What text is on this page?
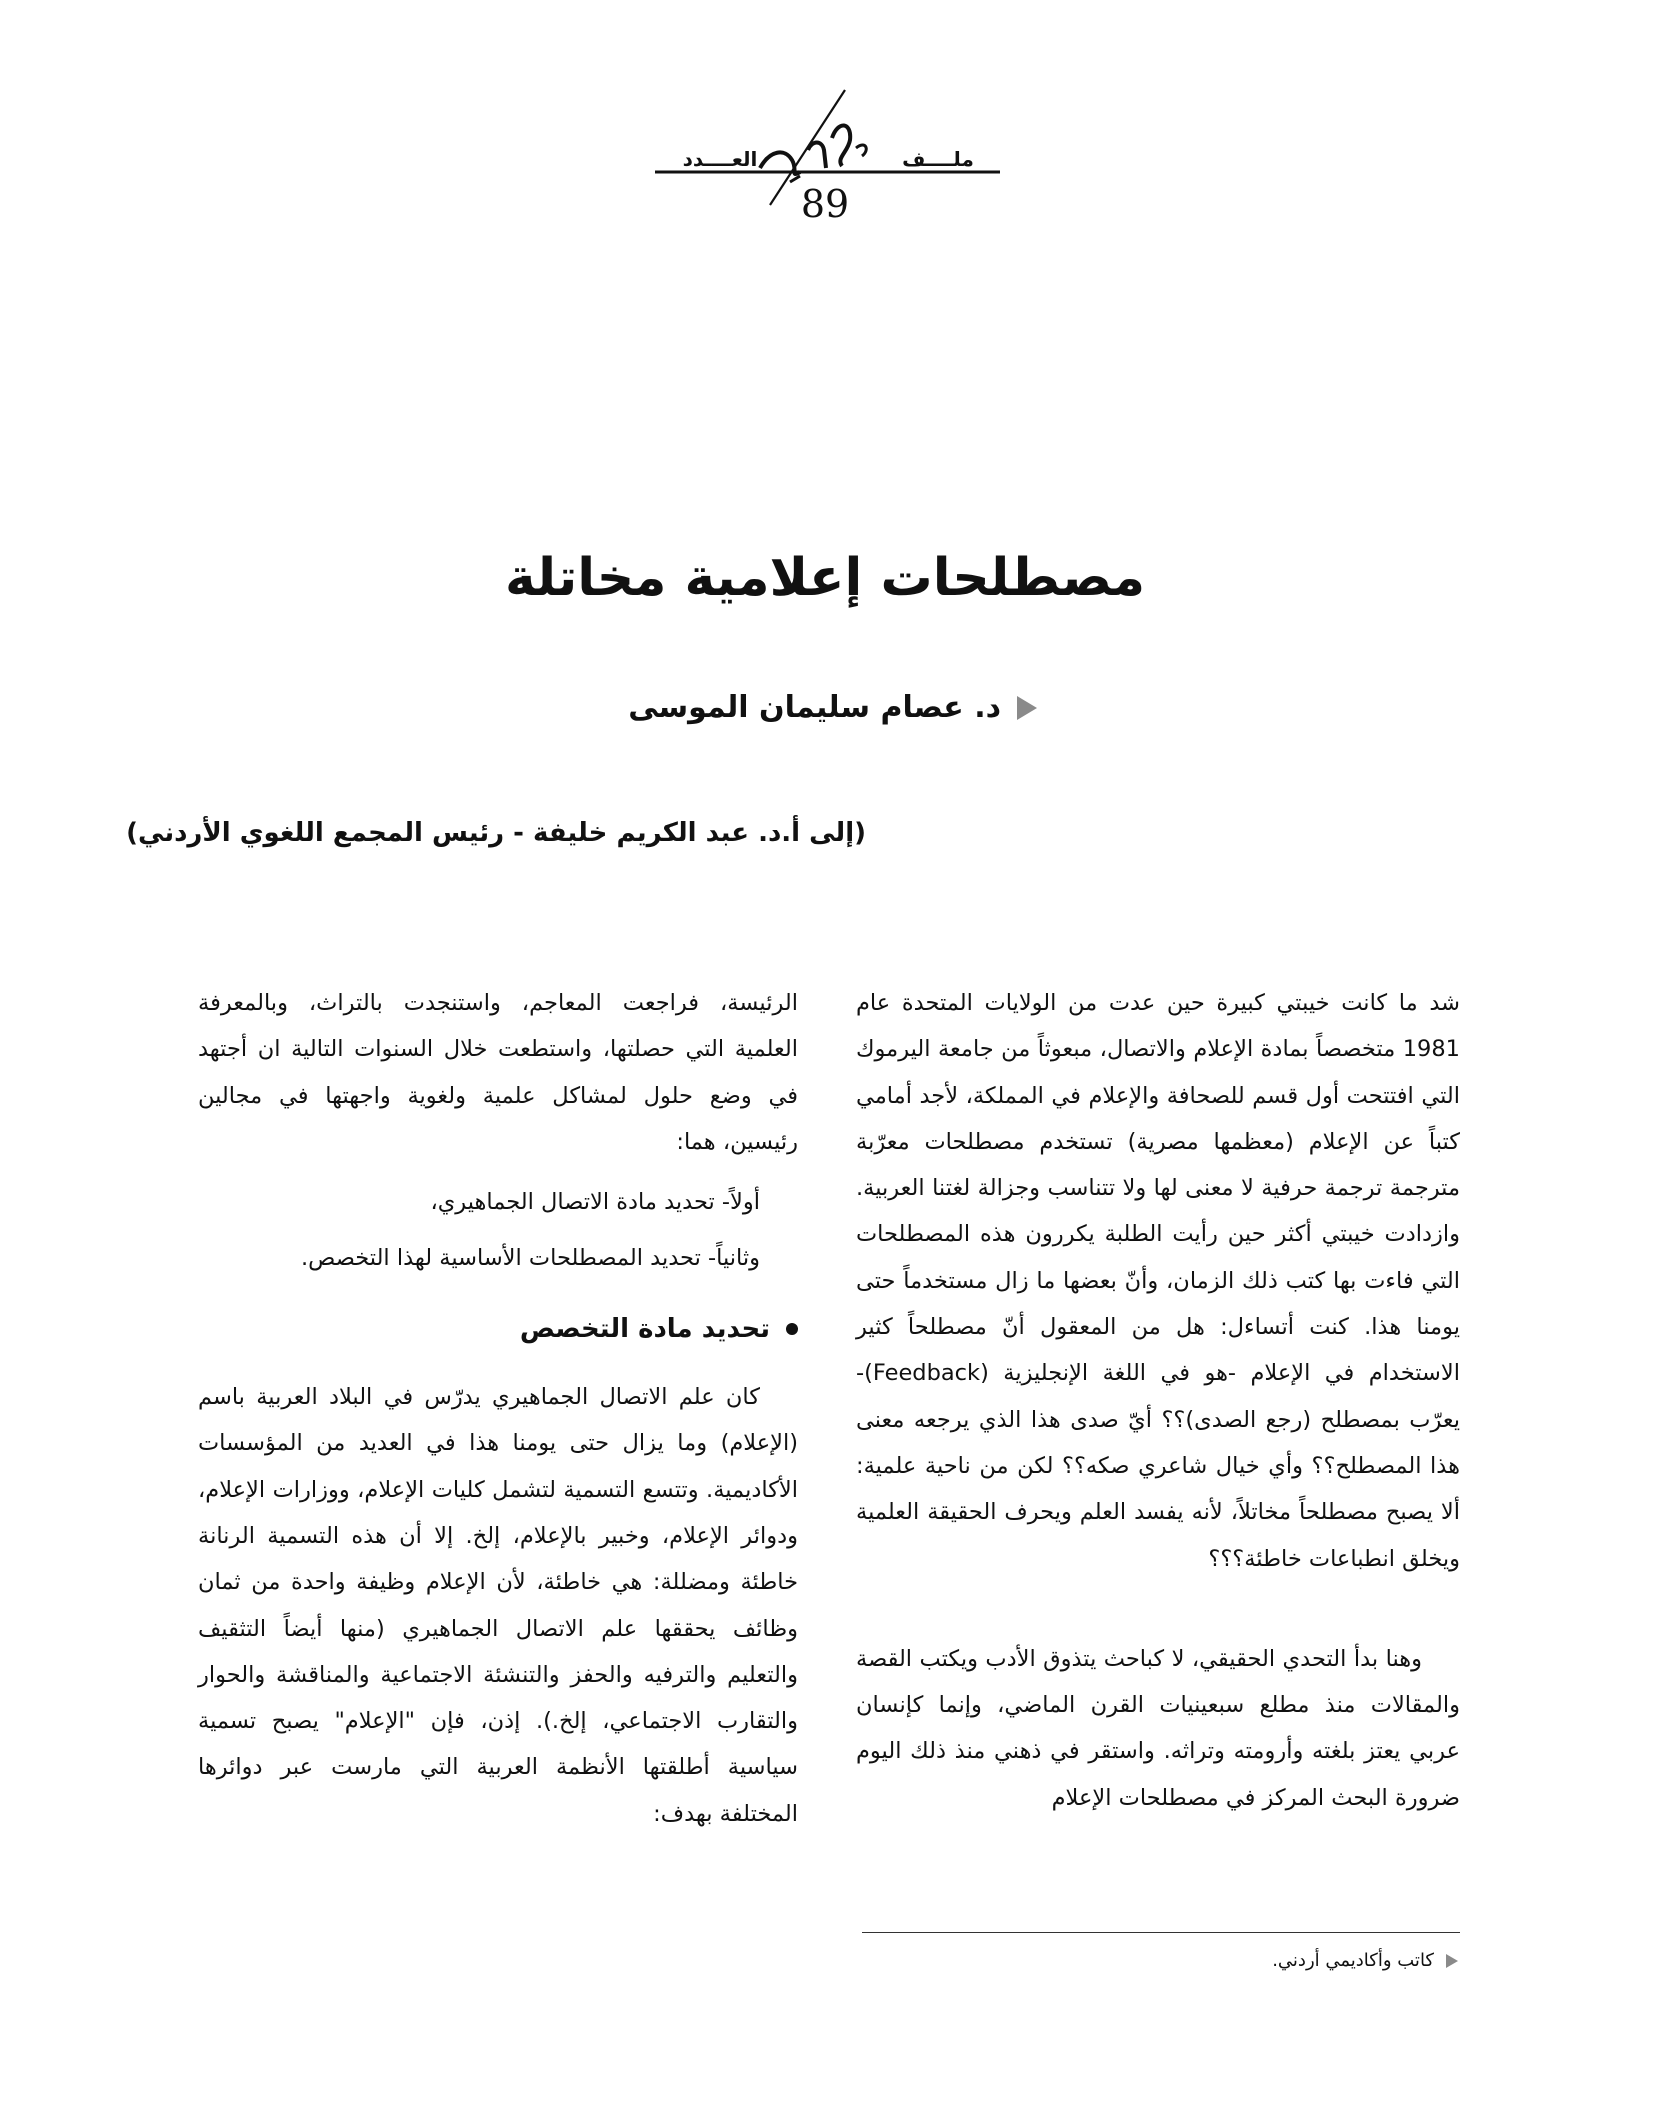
ملــــف
العــــدد
89
مصطلحات إعلامية مخاتلة
د. عصام سليمان الموسى
(إلى أ.د. عبد الكريم خليفة - رئيس المجمع اللغوي الأردني)

شد ما كانت خيبتي كبيرة حين عدت من الولايات المتحدة عام 1981 متخصصاً بمادة الإعلام والاتصال، مبعوثاً من جامعة اليرموك التي افتتحت أول قسم للصحافة والإعلام في المملكة، لأجد أمامي كتباً عن الإعلام (معظمها مصرية) تستخدم مصطلحات معرّبة مترجمة ترجمة حرفية لا معنى لها ولا تتناسب وجزالة لغتنا العربية. وازدادت خيبتي أكثر حين رأيت الطلبة يكررون هذه المصطلحات التي فاءت بها كتب ذلك الزمان، وأنّ بعضها ما زال مستخدماً حتى يومنا هذا. كنت أتساءل: هل من المعقول أنّ مصطلحاً كثير الاستخدام في الإعلام -هو في اللغة الإنجليزية (Feedback)- يعرّب بمصطلح (رجع الصدى)؟؟ أيّ صدى هذا الذي يرجعه معنى هذا المصطلح؟؟ وأي خيال شاعري صكه؟؟ لكن من ناحية علمية: ألا يصبح مصطلحاً مخاتلاً، لأنه يفسد العلم ويحرف الحقيقة العلمية ويخلق انطباعات خاطئة؟؟؟

وهنا بدأ التحدي الحقيقي، لا كباحث يتذوق الأدب ويكتب القصة والمقالات منذ مطلع سبعينيات القرن الماضي، وإنما كإنسان عربي يعتز بلغته وأرومته وتراثه. واستقر في ذهني منذ ذلك اليوم ضرورة البحث المركز في مصطلحات الإعلام

الرئيسة، فراجعت المعاجم، واستنجدت بالتراث، وبالمعرفة العلمية التي حصلتها، واستطعت خلال السنوات التالية ان أجتهد في وضع حلول لمشاكل علمية ولغوية واجهتها في مجالين رئيسين، هما:

أولاً- تحديد مادة الاتصال الجماهيري،

وثانياً- تحديد المصطلحات الأساسية لهذا التخصص.

تحديد مادة التخصص

كان علم الاتصال الجماهيري يدرّس في البلاد العربية باسم (الإعلام) وما يزال حتى يومنا هذا في العديد من المؤسسات الأكاديمية. وتتسع التسمية لتشمل كليات الإعلام، ووزارات الإعلام، ودوائر الإعلام، وخبير بالإعلام، إلخ. إلا أن هذه التسمية الرنانة خاطئة ومضللة: هي خاطئة، لأن الإعلام وظيفة واحدة من ثمان وظائف يحققها علم الاتصال الجماهيري (منها أيضاً التثقيف والتعليم والترفيه والحفز والتنشئة الاجتماعية والمناقشة والحوار والتقارب الاجتماعي، إلخ.). إذن، فإن "الإعلام" يصبح تسمية سياسية أطلقتها الأنظمة العربية التي مارست عبر دوائرها المختلفة بهدف:

كاتب وأكاديمي أردني.
